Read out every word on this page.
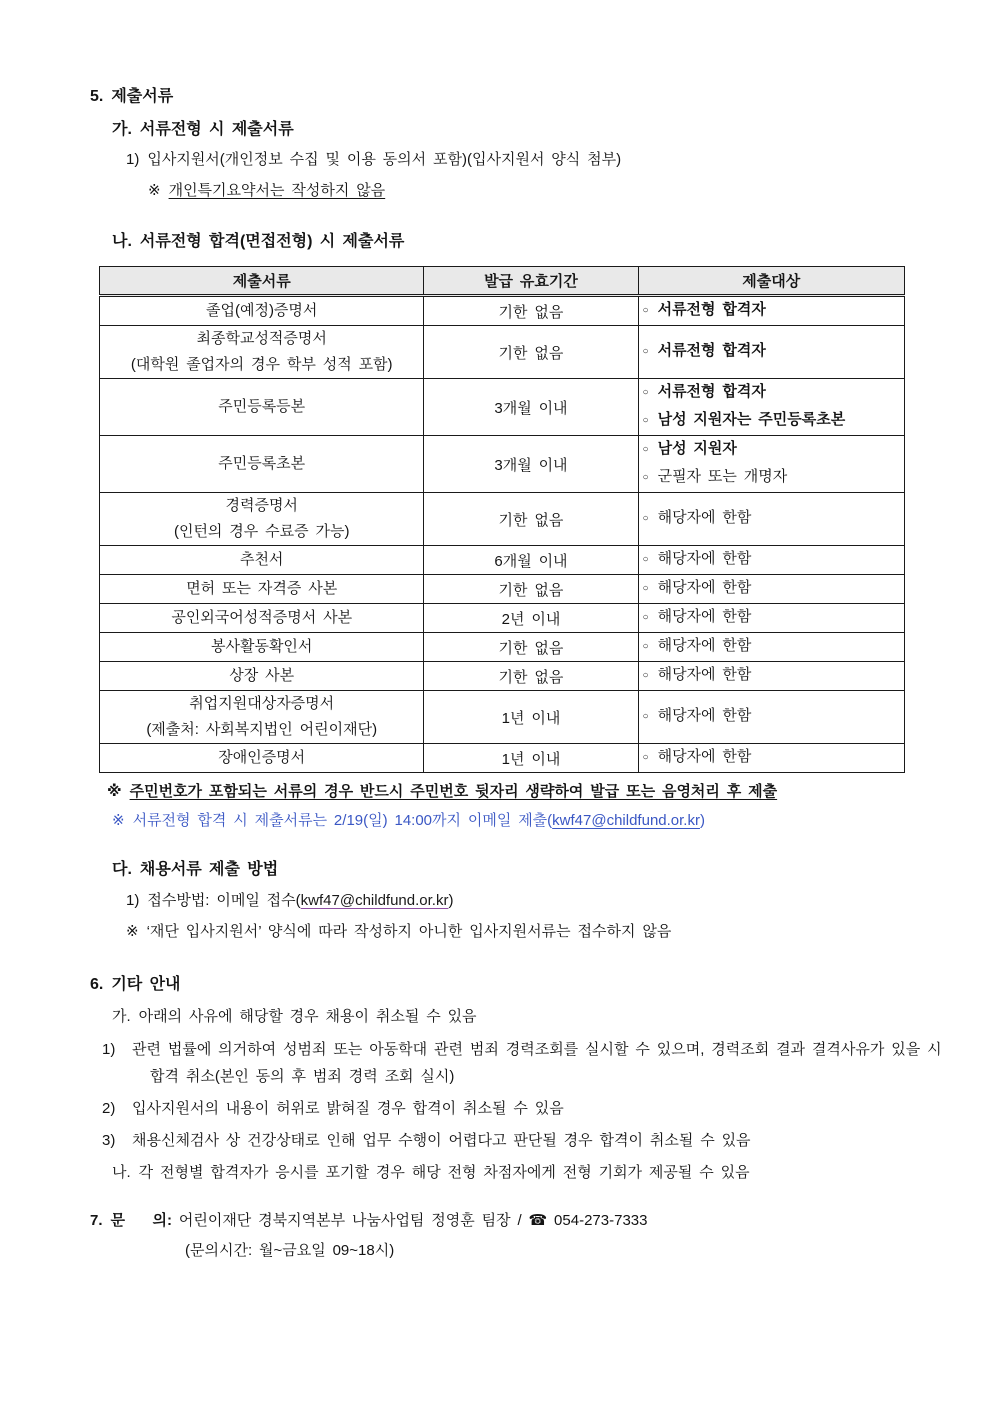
5. 제출서류
가. 서류전형 시 제출서류
1) 입사지원서(개인정보 수집 및 이용 동의서 포함)(입사지원서 양식 첨부)
※ 개인특기요약서는 작성하지 않음
나. 서류전형 합격(면접전형) 시 제출서류
제출서류	발급 유효기간	제출대상

졸업(예정)증명서	기한 없음	○ 서류전형 합격자

최종학교성적증명서
(대학원 졸업자의 경우 학부 성적 포함)	기한 없음	○ 서류전형 합격자

주민등록등본	3개월 이내	○ 서류전형 합격자
○ 남성 지원자는 주민등록초본

주민등록초본	3개월 이내	○ 남성 지원자
○ 군필자 또는 개명자

경력증명서
(인턴의 경우 수료증 가능)	기한 없음	○ 해당자에 한함

추천서	6개월 이내	○ 해당자에 한함

면허 또는 자격증 사본	기한 없음	○ 해당자에 한함

공인외국어성적증명서 사본	2년 이내	○ 해당자에 한함

봉사활동확인서	기한 없음	○ 해당자에 한함

상장 사본	기한 없음	○ 해당자에 한함

취업지원대상자증명서
(제출처: 사회복지법인 어린이재단)	1년 이내	○ 해당자에 한함

장애인증명서	1년 이내	○ 해당자에 한함
※ 주민번호가 포함되는 서류의 경우 반드시 주민번호 뒷자리 생략하여 발급 또는 음영처리 후 제출
※ 서류전형 합격 시 제출서류는 2/19(일) 14:00까지 이메일 제출(kwf47@childfund.or.kr)
다. 채용서류 제출 방법
1) 접수방법: 이메일 접수(kwf47@childfund.or.kr)
※ ‘재단 입사지원서’ 양식에 따라 작성하지 아니한 입사지원서류는 접수하지 않음
6. 기타 안내
가. 아래의 사유에 해당할 경우 채용이 취소될 수 있음
1) 관련 법률에 의거하여 성범죄 또는 아동학대 관련 범죄 경력조회를 실시할 수 있으며, 경력조회 결과 결격사유가 있을 시 합격 취소(본인 동의 후 범죄 경력 조회 실시)
2) 입사지원서의 내용이 허위로 밝혀질 경우 합격이 취소될 수 있음
3) 채용신체검사 상 건강상태로 인해 업무 수행이 어렵다고 판단될 경우 합격이 취소될 수 있음
나. 각 전형별 합격자가 응시를 포기할 경우 해당 전형 차점자에게 전형 기회가 제공될 수 있음
7. 문    의: 어린이재단 경북지역본부 나눔사업팀 정영훈 팀장 / ☎ 054-273-7333
(문의시간: 월~금요일 09~18시)
